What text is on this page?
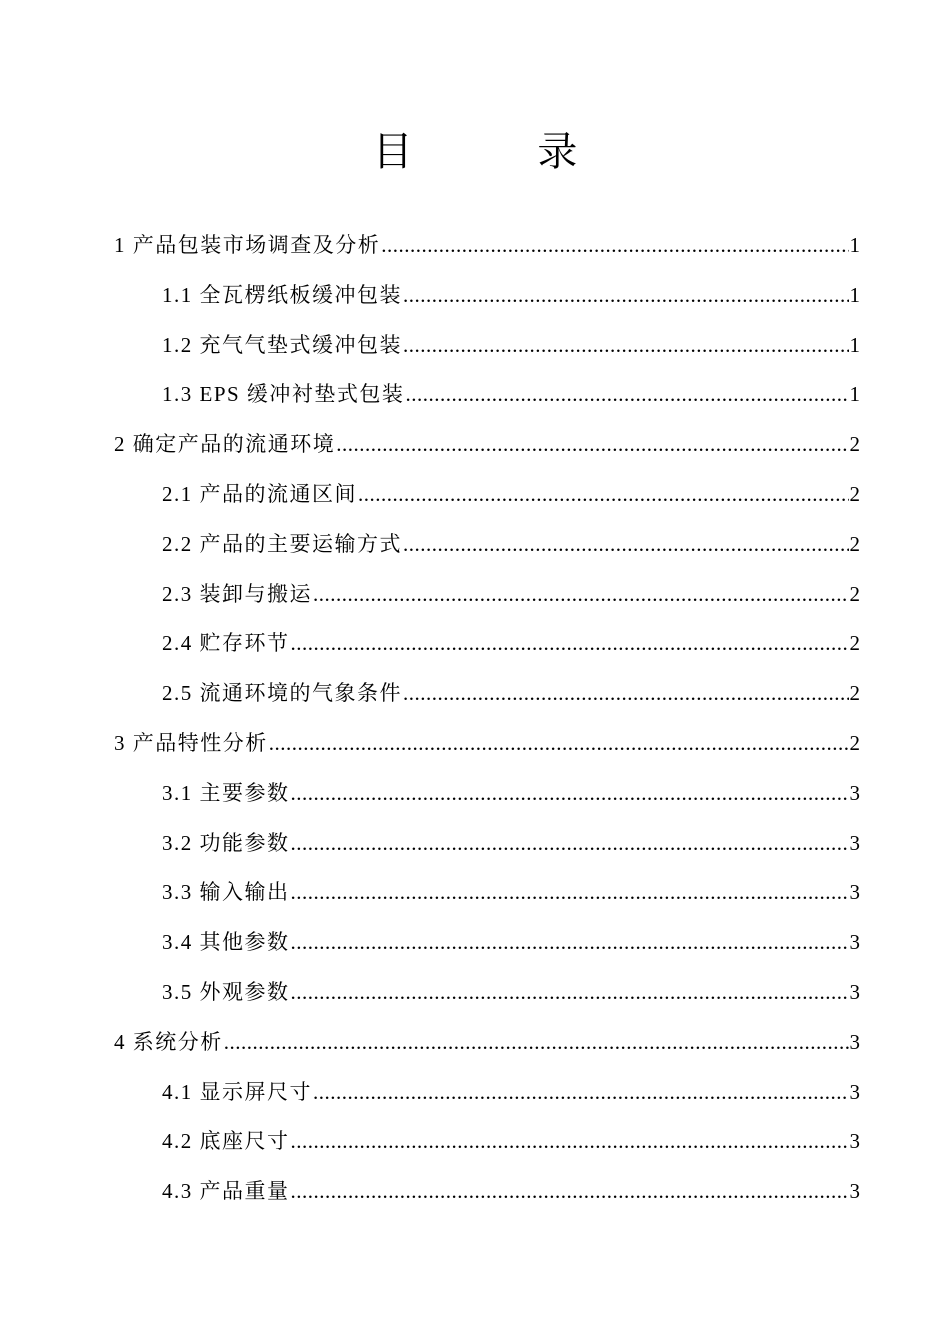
目 录
1 产品包装市场调查及分析 .....	1
1.1 全瓦楞纸板缓冲包装 .....	1
1.2 充气气垫式缓冲包装 .....	1
1.3 EPS 缓冲衬垫式包装 .....	1
2 确定产品的流通环境 .....	2
2.1 产品的流通区间 .....	2
2.2 产品的主要运输方式 .....	2
2.3 装卸与搬运 .....	2
2.4 贮存环节 .....	2
2.5 流通环境的气象条件 .....	2
3 产品特性分析 .....	2
3.1 主要参数 .....	3
3.2 功能参数 .....	3
3.3 输入输出 .....	3
3.4 其他参数 .....	3
3.5 外观参数 .....	3
4 系统分析 .....	3
4.1 显示屏尺寸 .....	3
4.2 底座尺寸 .....	3
4.3 产品重量 .....	3
